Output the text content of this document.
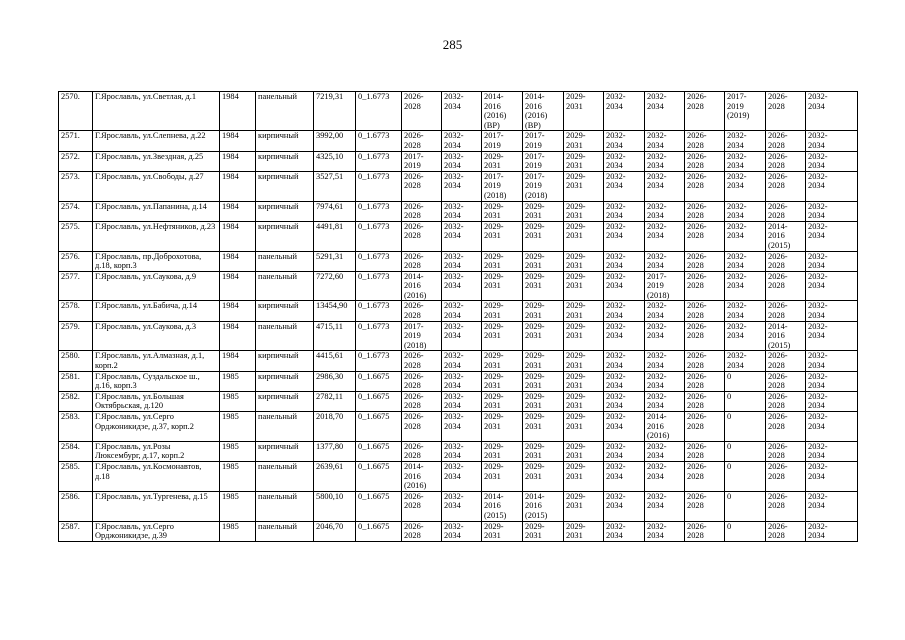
285
2570.	Г.Ярославль, ул.Светлая, д.1	1984	панельный	7219,31	0_1.6773	2026-
2028	2032-
2034	2014-
2016
(2016)
(ВР)	2014-
2016
(2016)
(ВР)	2029-
2031	2032-
2034	2032-
2034	2026-
2028	2017-
2019
(2019)	2026-
2028	2032-
2034
2571.	Г.Ярославль, ул.Слепнева, д.22	1984	кирпичный	3992,00	0_1.6773	2026-
2028	2032-
2034	2017-
2019	2017-
2019	2029-
2031	2032-
2034	2032-
2034	2026-
2028	2032-
2034	2026-
2028	2032-
2034
2572.	Г.Ярославль, ул.Звездная, д.25	1984	кирпичный	4325,10	0_1.6773	2017-
2019	2032-
2034	2029-
2031	2017-
2019	2029-
2031	2032-
2034	2032-
2034	2026-
2028	2032-
2034	2026-
2028	2032-
2034
2573.	Г.Ярославль, ул.Свободы, д.27	1984	кирпичный	3527,51	0_1.6773	2026-
2028	2032-
2034	2017-
2019
(2018)	2017-
2019
(2018)	2029-
2031	2032-
2034	2032-
2034	2026-
2028	2032-
2034	2026-
2028	2032-
2034
2574.	Г.Ярославль, ул.Папанина, д.14	1984	кирпичный	7974,61	0_1.6773	2026-
2028	2032-
2034	2029-
2031	2029-
2031	2029-
2031	2032-
2034	2032-
2034	2026-
2028	2032-
2034	2026-
2028	2032-
2034
2575.	Г.Ярославль, ул.Нефтяников, д.23	1984	кирпичный	4491,81	0_1.6773	2026-
2028	2032-
2034	2029-
2031	2029-
2031	2029-
2031	2032-
2034	2032-
2034	2026-
2028	2032-
2034	2014-
2016
(2015)	2032-
2034
2576.	Г.Ярославль, пр.Доброхотова, д.18, корп.3	1984	панельный	5291,31	0_1.6773	2026-
2028	2032-
2034	2029-
2031	2029-
2031	2029-
2031	2032-
2034	2032-
2034	2026-
2028	2032-
2034	2026-
2028	2032-
2034
2577.	Г.Ярославль, ул.Саукова, д.9	1984	панельный	7272,60	0_1.6773	2014-
2016
(2016)	2032-
2034	2029-
2031	2029-
2031	2029-
2031	2032-
2034	2017-
2019
(2018)	2026-
2028	2032-
2034	2026-
2028	2032-
2034
2578.	Г.Ярославль, ул.Бабича, д.14	1984	кирпичный	13454,90	0_1.6773	2026-
2028	2032-
2034	2029-
2031	2029-
2031	2029-
2031	2032-
2034	2032-
2034	2026-
2028	2032-
2034	2026-
2028	2032-
2034
2579.	Г.Ярославль, ул.Саукова, д.3	1984	панельный	4715,11	0_1.6773	2017-
2019
(2018)	2032-
2034	2029-
2031	2029-
2031	2029-
2031	2032-
2034	2032-
2034	2026-
2028	2032-
2034	2014-
2016
(2015)	2032-
2034
2580.	Г.Ярославль, ул.Алмазная, д.1, корп.2	1984	кирпичный	4415,61	0_1.6773	2026-
2028	2032-
2034	2029-
2031	2029-
2031	2029-
2031	2032-
2034	2032-
2034	2026-
2028	2032-
2034	2026-
2028	2032-
2034
2581.	Г.Ярославль, Суздальское ш., д.16, корп.3	1985	кирпичный	2986,30	0_1.6675	2026-
2028	2032-
2034	2029-
2031	2029-
2031	2029-
2031	2032-
2034	2032-
2034	2026-
2028	0	2026-
2028	2032-
2034
2582.	Г.Ярославль, ул.Большая Октябрьская, д.120	1985	кирпичный	2782,11	0_1.6675	2026-
2028	2032-
2034	2029-
2031	2029-
2031	2029-
2031	2032-
2034	2032-
2034	2026-
2028	0	2026-
2028	2032-
2034
2583.	Г.Ярославль, ул.Серго Орджоникидзе, д.37, корп.2	1985	панельный	2018,70	0_1.6675	2026-
2028	2032-
2034	2029-
2031	2029-
2031	2029-
2031	2032-
2034	2014-
2016
(2016)	2026-
2028	0	2026-
2028	2032-
2034
2584.	Г.Ярославль, ул.Розы Люксембург, д.17, корп.2	1985	кирпичный	1377,80	0_1.6675	2026-
2028	2032-
2034	2029-
2031	2029-
2031	2029-
2031	2032-
2034	2032-
2034	2026-
2028	0	2026-
2028	2032-
2034
2585.	Г.Ярославль, ул.Космонавтов, д.18	1985	панельный	2639,61	0_1.6675	2014-
2016
(2016)	2032-
2034	2029-
2031	2029-
2031	2029-
2031	2032-
2034	2032-
2034	2026-
2028	0	2026-
2028	2032-
2034
2586.	Г.Ярославль, ул.Тургенева, д.15	1985	панельный	5800,10	0_1.6675	2026-
2028	2032-
2034	2014-
2016
(2015)	2014-
2016
(2015)	2029-
2031	2032-
2034	2032-
2034	2026-
2028	0	2026-
2028	2032-
2034
2587.	Г.Ярославль, ул.Серго Орджоникидзе, д.39	1985	панельный	2046,70	0_1.6675	2026-
2028	2032-
2034	2029-
2031	2029-
2031	2029-
2031	2032-
2034	2032-
2034	2026-
2028	0	2026-
2028	2032-
2034
